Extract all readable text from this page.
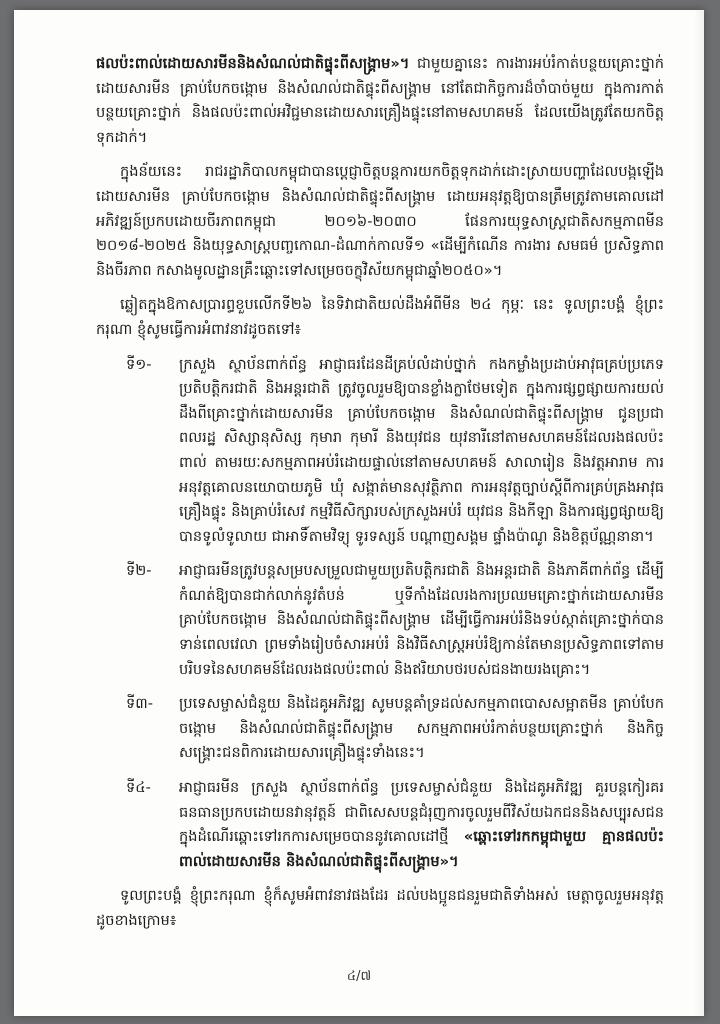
ផលប៉ះពាល់ដោយសារមីននិងសំណល់ជាតិផ្ទុះពីសង្គ្រាម»។ ជាមួយគ្នានេះ ការងារអប់រំកាត់បន្ថយគ្រោះថ្នាក់ដោយសារមីន គ្រាប់បែកចង្កោម និងសំណល់ជាតិផ្ទុះពីសង្គ្រាម នៅតែជាកិច្ចការដ៏ចាំបាច់មួយ ក្នុងការកាត់បន្ថយគ្រោះថ្នាក់ និងផលប៉ះពាល់អវិជ្ជមានដោយសារគ្រឿងផ្ទុះនៅតាមសហគមន៍ ដែលយើងត្រូវតែយកចិត្តទុកដាក់។

ក្នុងន័យនេះ រាជរដ្ឋាភិបាលកម្ពុជាបានប្តេជ្ញាចិត្តបន្តការយកចិត្តទុកដាក់ដោះស្រាយបញ្ហាដែលបង្កឡើងដោយសារមីន គ្រាប់បែកចង្កោម និងសំណល់ជាតិផ្ទុះពីសង្គ្រាម ដោយអនុវត្តឱ្យបានត្រឹមត្រូវតាមគោលដៅអភិវឌ្ឍន៍ប្រកបដោយចីរភាពកម្ពុជា ២០១៦-២០៣០ ផែនការយុទ្ធសាស្ត្រជាតិសកម្មភាពមីន ២០១៨-២០២៥ និងយុទ្ធសាស្ត្របញ្ចកោណ-ដំណាក់កាលទី១ «ដើម្បីកំណើន ការងារ សមធម៌ ប្រសិទ្ធភាព និងចីរភាព កសាងមូលដ្ឋានគ្រឹះឆ្ពោះទៅសម្រេចចក្ខុវិស័យកម្ពុជាឆ្នាំ២០៥០»។

ឆ្លៀតក្នុងឱកាសប្រារព្ធខួបលើកទី២៦ នៃទិវាជាតិយល់ដឹងអំពីមីន ២៤ កុម្ភៈ នេះ ទូលព្រះបង្គំ ខ្ញុំព្រះករុណា ខ្ញុំសូមធ្វើការអំពាវនាវដូចតទៅ៖

ទី១-	ក្រសួង ស្ថាប័នពាក់ព័ន្ធ អាជ្ញាធរដែនដីគ្រប់លំដាប់ថ្នាក់ កងកម្លាំងប្រដាប់អាវុធគ្រប់ប្រភេទ ប្រតិបត្តិករជាតិ និងអន្តរជាតិ ត្រូវចូលរួមឱ្យបានខ្លាំងក្លាថែមទៀត ក្នុងការផ្សព្វផ្សាយការយល់ដឹងពីគ្រោះថ្នាក់ដោយសារមីន គ្រាប់បែកចង្កោម និងសំណល់ជាតិផ្ទុះពីសង្គ្រាម ជូនប្រជាពលរដ្ឋ សិស្សានុសិស្ស កុមារា កុមារី និងយុវជន យុវនារីនៅតាមសហគមន៍ដែលរងផលប៉ះពាល់ តាមរយៈសកម្មភាពអប់រំដោយផ្ទាល់នៅតាមសហគមន៍ សាលារៀន និងវត្តអារាម ការអនុវត្តគោលនយោបាយភូមិ ឃុំ សង្កាត់មានសុវត្ថិភាព ការអនុវត្តច្បាប់ស្តីពីការគ្រប់គ្រងអាវុធ គ្រឿងផ្ទុះ និងគ្រាប់រំសេវ កម្មវិធីសិក្សារបស់ក្រសួងអប់រំ យុវជន និងកីឡា និងការផ្សព្វផ្សាយឱ្យបានទូលំទូលាយ ជាអាទិ៍តាមវិទ្យុ ទូរទស្សន៍ បណ្តាញសង្គម ផ្ទាំងប៉ាណូ និងខិត្តប័ណ្ណនានា។
ទី២-	អាជ្ញាធរមីនត្រូវបន្តសម្របសម្រួលជាមួយប្រតិបត្តិករជាតិ និងអន្តរជាតិ និងភាគីពាក់ព័ន្ធ ដើម្បីកំណត់ឱ្យបានជាក់លាក់នូវតំបន់ ឬទីកាំងដែលរងការប្រឈមគ្រោះថ្នាក់ដោយសារមីន គ្រាប់បែកចង្កោម និងសំណល់ជាតិផ្ទុះពីសង្គ្រាម ដើម្បីធ្វើការអប់រំនិងទប់ស្កាត់គ្រោះថ្នាក់បានទាន់ពេលវេលា ព្រមទាំងរៀបចំសារអប់រំ និងវិធីសាស្ត្រអប់រំឱ្យកាន់តែមានប្រសិទ្ធភាពទៅតាមបរិបទនៃសហគមន៍ដែលរងផលប៉ះពាល់ និងឥរិយាបថរបស់ជនងាយរងគ្រោះ។
ទី៣-	ប្រទេសម្ចាស់ជំនួយ និងដៃគូអភិវឌ្ឍ សូមបន្តគាំទ្រដល់សកម្មភាពបោសសម្អាតមីន គ្រាប់បែកចង្កោម និងសំណល់ជាតិផ្ទុះពីសង្គ្រាម សកម្មភាពអប់រំកាត់បន្ថយគ្រោះថ្នាក់ និងកិច្ចសង្គ្រោះជនពិការដោយសារគ្រឿងផ្ទុះទាំងនេះ។
ទី៤-	អាជ្ញាធរមីន ក្រសួង ស្ថាប័នពាក់ព័ន្ធ ប្រទេសម្ចាស់ជំនួយ និងដៃគូអភិវឌ្ឍ គួរបន្តកៀរគរធនធានប្រកបដោយនវានុវត្តន៍ ជាពិសេសបន្តជំរុញការចូលរួមពីវិស័យឯកជននិងសប្បុរសជន ក្នុងដំណើរឆ្ពោះទៅរកការសម្រេចបាននូវគោលដៅថ្មី «ឆ្ពោះទៅរកកម្ពុជាមួយ គ្មានផលប៉ះពាល់ដោយសារមីន និងសំណល់ជាតិផ្ទុះពីសង្គ្រាម»។

ទូលព្រះបង្គំ ខ្ញុំព្រះករុណា ខ្ញុំក៏សូមអំពាវនាវផងដែរ ដល់បងប្អូនជនរួមជាតិទាំងអស់ មេត្តាចូលរួមអនុវត្តដូចខាងក្រោម៖

៤/៧
